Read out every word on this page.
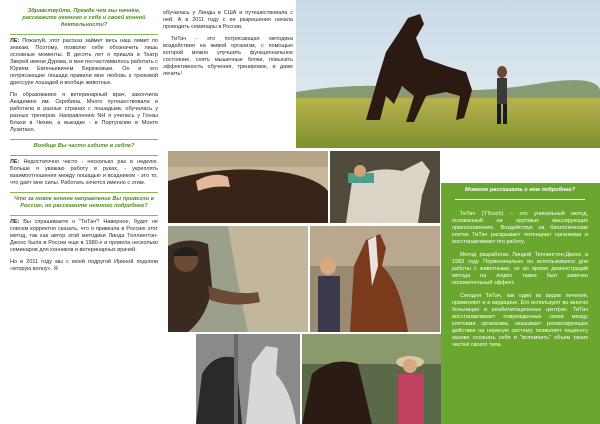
Здравствуйте. Прежде чем мы начнём, расскажите немного о себе и своей конной деятельности?

ЛЕ: Пожалуй, этот рассказ займет весь наш лимит по знакам. Поэтому, позволю себе обозначить лишь основные моменты. В десять лет я пришла в Театр Зверей имени Дурова, и мне посчастливилось работать с Юрием Евгеньевичем Бирюковым. Он и его потрясающие лошади привили мне любовь к трюковой дрессуре лошадей и вообще животных.

По образованию я ветеринарный врач, закончила Академию им. Скрябина. Много путешествовала и работала в разных странах с лошадьми, обучалась у разных тренеров. Направлению NH я училась у Гонзы Блахи в Чехии, а выездке - в Португалии в Монте Лузитано.

Вообще Вы часто ездите в седле?

ЛЕ: Недостаточно часто - несколько раз в неделю. Больше я уважаю работу в руках, - укреплять взаимоотношения между лошадью и всадником - это то, что даёт мне силы. Работать хочется именно с этим.

Что за новое конное направление Вы привезли в Россию, не расскажите немного подробнее?

ЛЕ: Вы спрашиваете о "ТиТач"! Наверное, будет не совсем корректно сказать, что я привезла в Россию этот метод, так как автор этой методики Линда Теллингтон-Джонс была в России еще в 1980-х и провела несколько семинаров для конников и ветеринарных врачей.

Но в 2011 году мы с моей подругой Ириной подняли «вторую волну». Я

обучалась у Линды в США и путешествовала с ней. А в 2011 году с ее разрешения начала проводить семинары в России.

ТиТач - это потрясающая методика воздействия на живой организм, с помощью которой можно улучшить функциональное состояние, снять мышечные блоки, повысить эффективность обучения, тренировок, и даже лечить!

Можете рассказать о нем подробнее?

ТиТач (TTouch) – это уникальный метод, основанный на круговых массирующих прикосновениях. Воздействуя на биологические клетки ТиТач раскрывает потенциал организма и восстанавливает его работу.

Метод разработан Линдой Теллингтон-Джонс в 1983 году. Первоначально он использовался для работы с животными, но во время демонстраций метода на людях также был замечен положительный эффект.

Сегодня ТиТач, как один из видов лечения, применяют и в медицине. Его используют во многих больницах и реабилитационных центрах. ТиТач восстанавливает поврежденные связи между клетками организма, оказывает релаксирующее действие на нервную систему, позволяет пациенту заново осознать себя и "вспомнить" объем своих частей своего тела.
